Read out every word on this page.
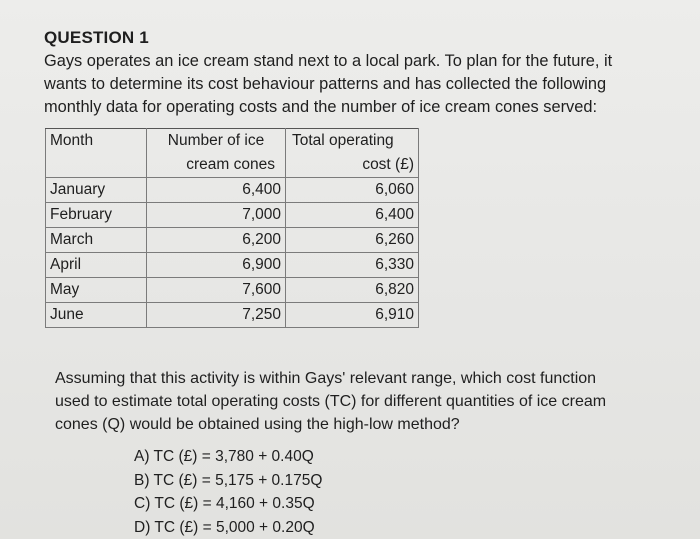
QUESTION 1
Gays operates an ice cream stand next to a local park. To plan for the future, it
wants to determine its cost behaviour patterns and has collected the following
monthly data for operating costs and the number of ice cream cones served:
Month	Number of ice	Total operating
	cream cones	cost (£)
January	6,400	6,060
February	7,000	6,400
March	6,200	6,260
April	6,900	6,330
May	7,600	6,820
June	7,250	6,910
Assuming that this activity is within Gays' relevant range, which cost function
used to estimate total operating costs (TC) for different quantities of ice cream
cones (Q) would be obtained using the high-low method?
A) TC (£) = 3,780 + 0.40Q
B) TC (£) = 5,175 + 0.175Q
C) TC (£) = 4,160 + 0.35Q
D) TC (£) = 5,000 + 0.20Q
